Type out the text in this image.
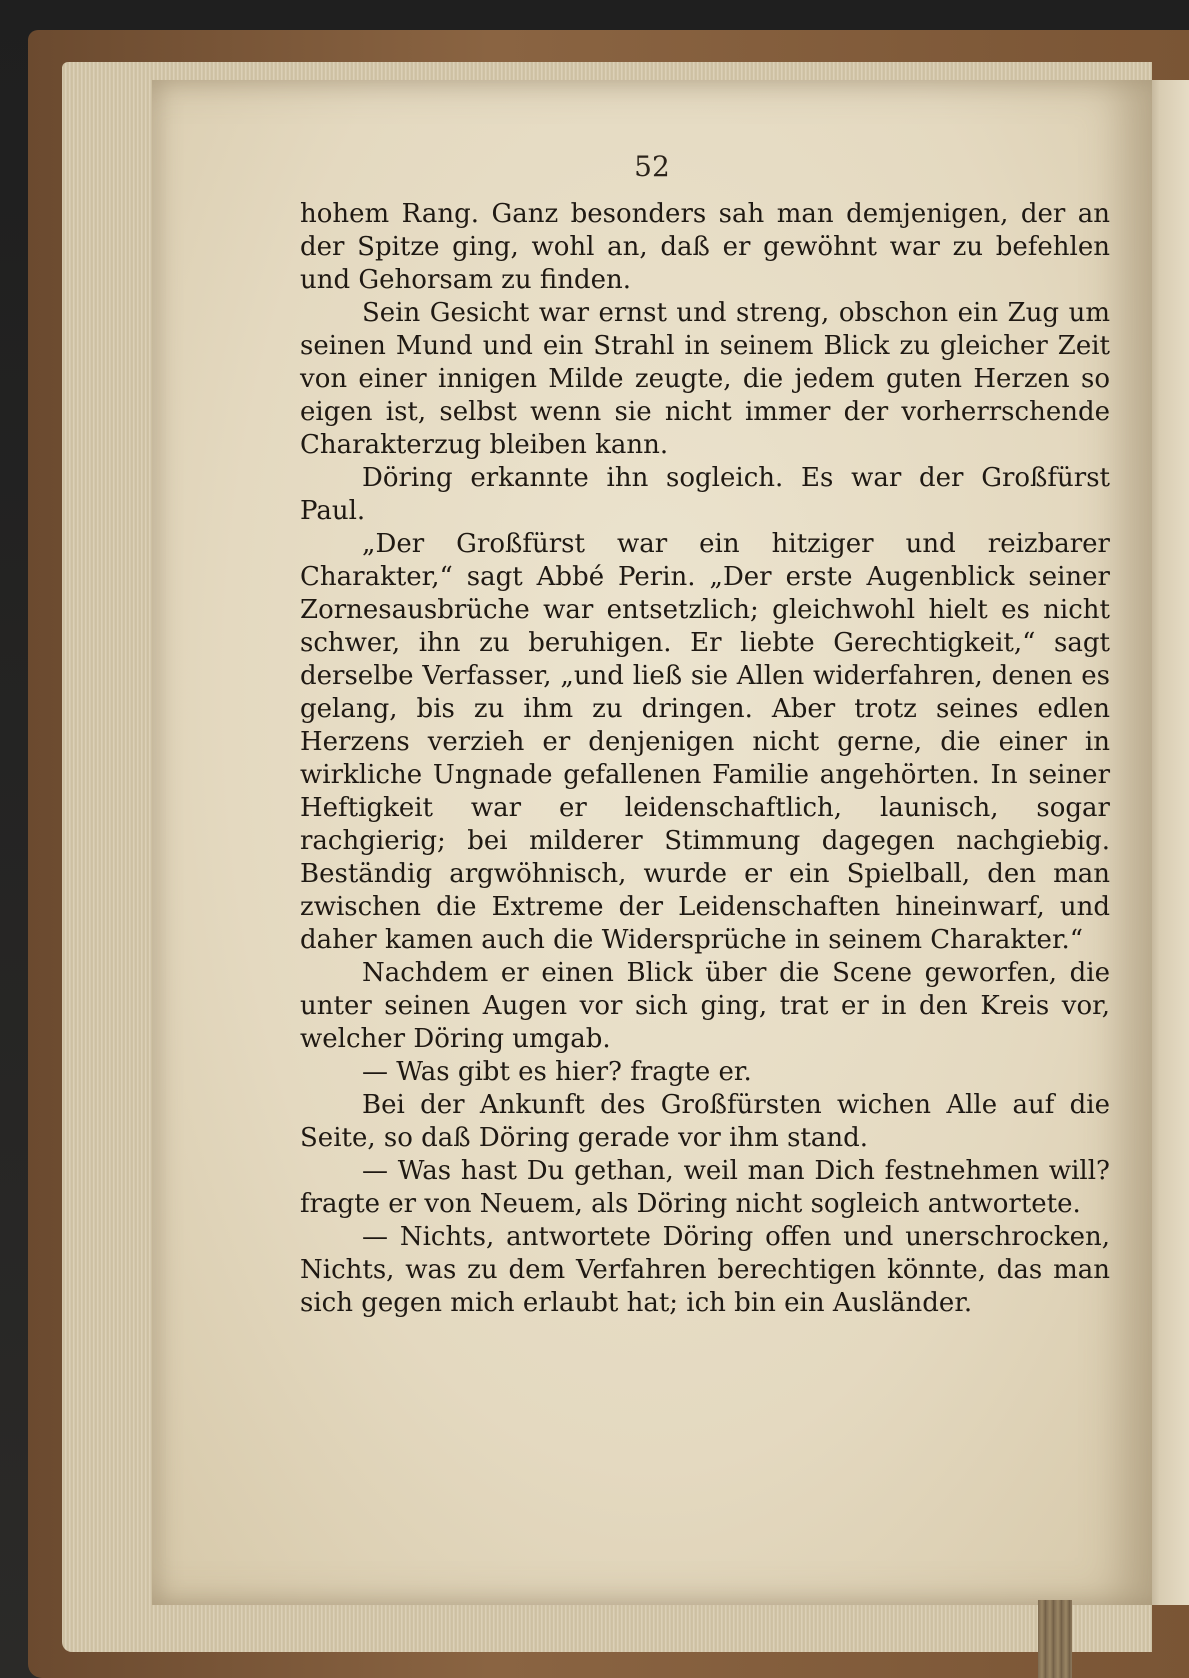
52

hohem Rang. Ganz besonders sah man demjenigen, der an der Spitze ging, wohl an, daß er gewöhnt war zu befehlen und Gehorsam zu finden.

Sein Gesicht war ernst und streng, obschon ein Zug um seinen Mund und ein Strahl in seinem Blick zu gleicher Zeit von einer innigen Milde zeugte, die jedem guten Herzen so eigen ist, selbst wenn sie nicht immer der vorherrschende Charakterzug bleiben kann.

Döring erkannte ihn sogleich. Es war der Großfürst Paul.

„Der Großfürst war ein hitziger und reizbarer Charakter,“ sagt Abbé Perin. „Der erste Augenblick seiner Zornesausbrüche war entsetzlich; gleichwohl hielt es nicht schwer, ihn zu beruhigen. Er liebte Gerechtigkeit,“ sagt derselbe Verfasser, „und ließ sie Allen widerfahren, denen es gelang, bis zu ihm zu dringen. Aber trotz seines edlen Herzens verzieh er denjenigen nicht gerne, die einer in wirkliche Ungnade gefallenen Familie angehörten. In seiner Heftigkeit war er leidenschaftlich, launisch, sogar rachgierig; bei milderer Stimmung dagegen nachgiebig. Beständig argwöhnisch, wurde er ein Spielball, den man zwischen die Extreme der Leidenschaften hineinwarf, und daher kamen auch die Widersprüche in seinem Charakter.“

Nachdem er einen Blick über die Scene geworfen, die unter seinen Augen vor sich ging, trat er in den Kreis vor, welcher Döring umgab.

— Was gibt es hier? fragte er.

Bei der Ankunft des Großfürsten wichen Alle auf die Seite, so daß Döring gerade vor ihm stand.

— Was hast Du gethan, weil man Dich festnehmen will? fragte er von Neuem, als Döring nicht sogleich antwortete.

— Nichts, antwortete Döring offen und unerschrocken, Nichts, was zu dem Verfahren berechtigen könnte, das man sich gegen mich erlaubt hat; ich bin ein Ausländer.
